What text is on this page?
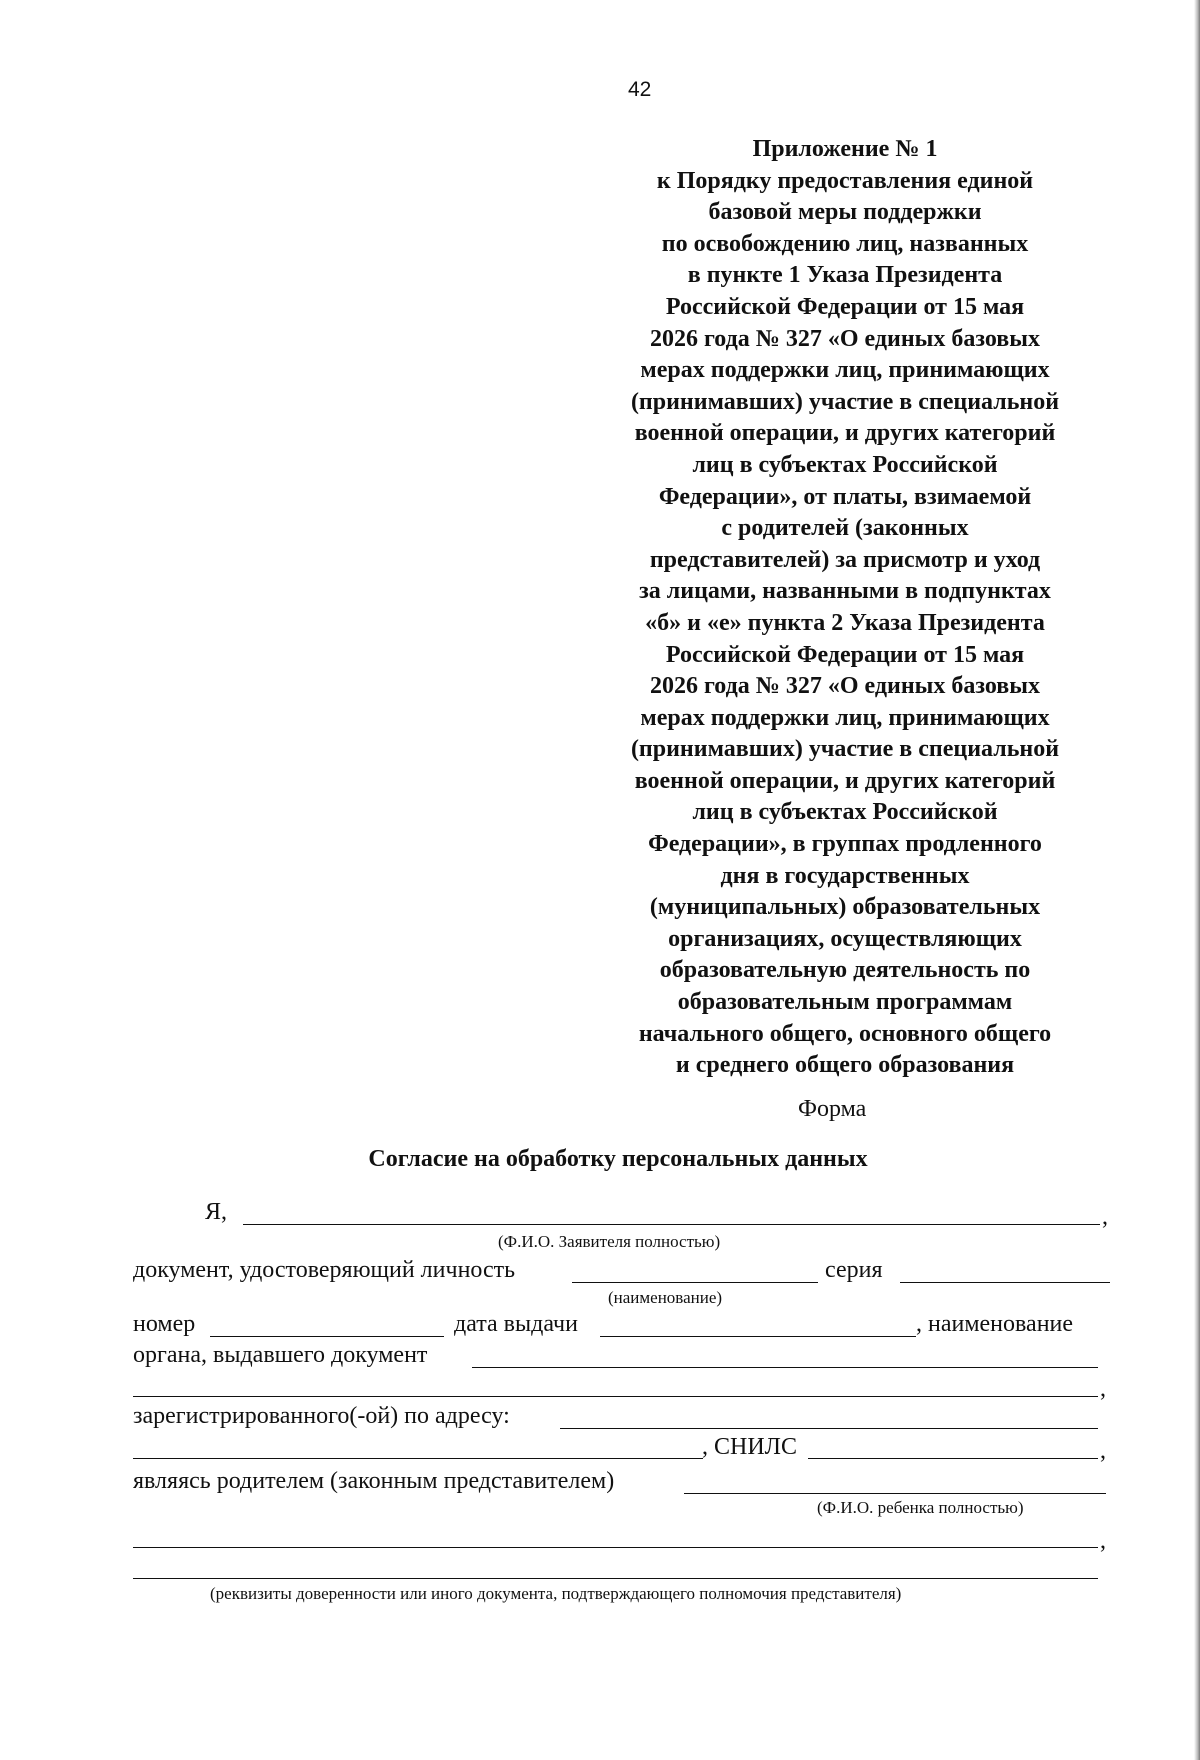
42
Приложение № 1
к Порядку предоставления единой
базовой меры поддержки
по освобождению лиц, названных
в пункте 1 Указа Президента
Российской Федерации от 15 мая
2026 года № 327 «О единых базовых
мерах поддержки лиц, принимающих
(принимавших) участие в специальной
военной операции, и других категорий
лиц в субъектах Российской
Федерации», от платы, взимаемой
с родителей (законных
представителей) за присмотр и уход
за лицами, названными в подпунктах
«б» и «е» пункта 2 Указа Президента
Российской Федерации от 15 мая
2026 года № 327 «О единых базовых
мерах поддержки лиц, принимающих
(принимавших) участие в специальной
военной операции, и других категорий
лиц в субъектах Российской
Федерации», в группах продленного
дня в государственных
(муниципальных) образовательных
организациях, осуществляющих
образовательную деятельность по
образовательным программам
начального общего, основного общего
и среднего общего образования
Форма
Согласие на обработку персональных данных
Я,	,
(Ф.И.О. Заявителя полностью)
документ, удостоверяющий личность	серия
(наименование)
номер	дата выдачи	, наименование
органа, выдавшего документ
,
зарегистрированного(-ой) по адресу:
, СНИЛС	,
являясь родителем (законным представителем)
(Ф.И.О. ребенка полностью)
,
(реквизиты доверенности или иного документа, подтверждающего полномочия представителя)
